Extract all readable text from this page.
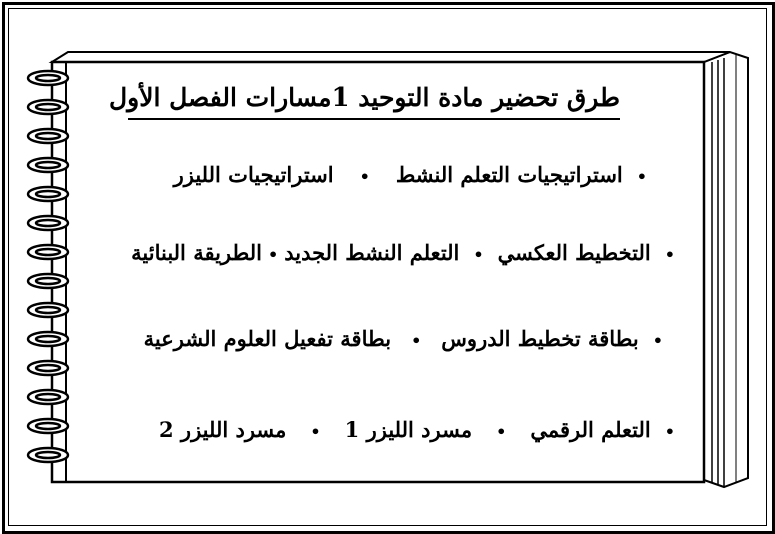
طرق تحضير مادة التوحيد 1مسارات الفصل الأول
•استراتيجيات التعلم النشط•استراتيجيات الليزر
•التخطيط العكسي•التعلم النشط الجديد•الطريقة البنائية
•بطاقة تخطيط الدروس•بطاقة تفعيل العلوم الشرعية
•التعلم الرقمي•مسرد الليزر 1•مسرد الليزر 2
